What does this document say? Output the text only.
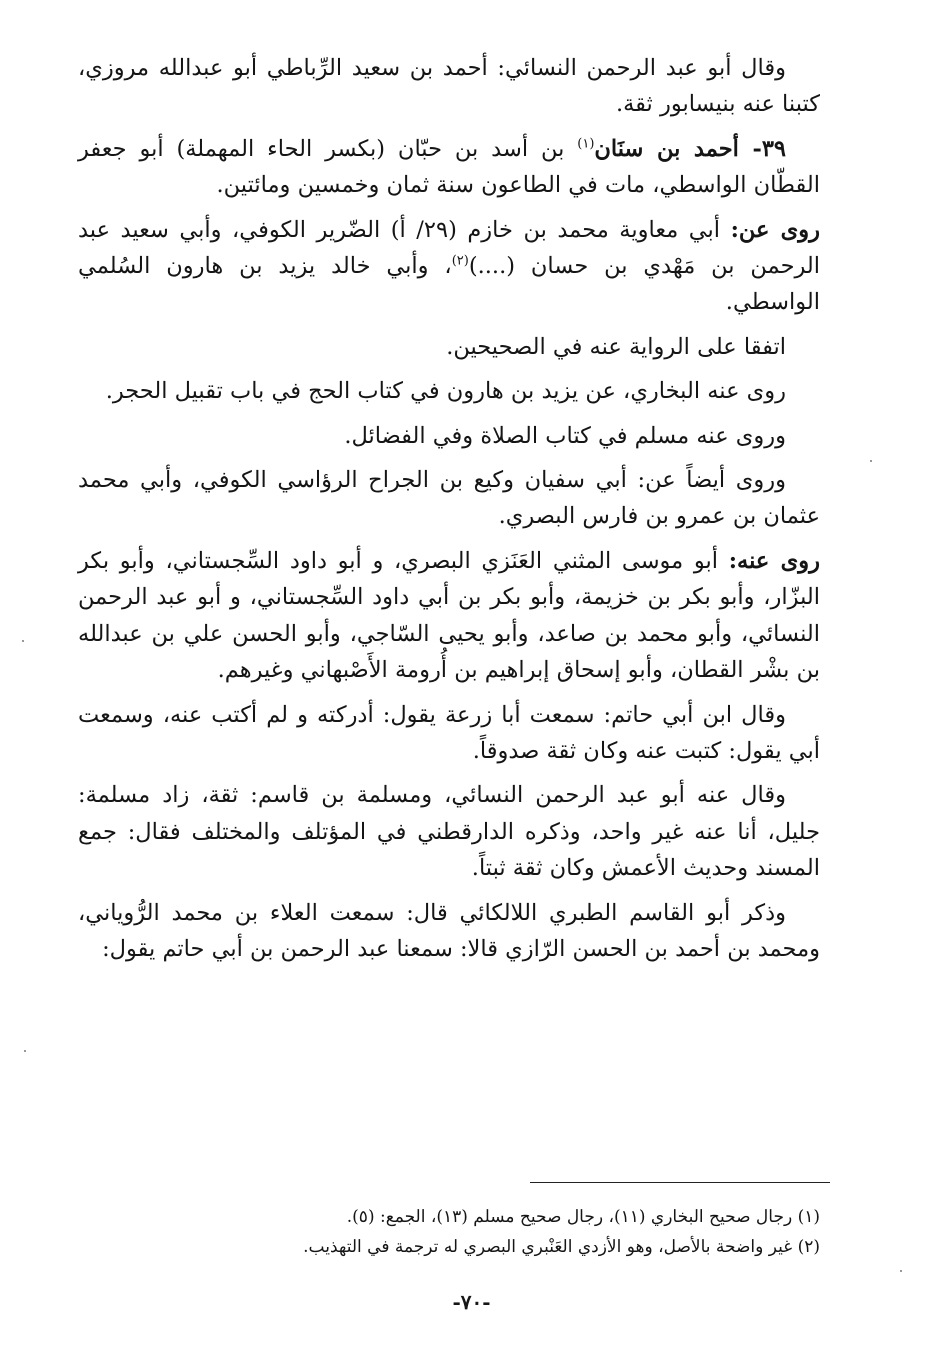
وقال أبو عبد الرحمن النسائي: أحمد بن سعيد الرِّباطي أبو عبدالله مروزي، كتبنا عنه بنيسابور ثقة.

٣٩- أحمد بن سنَان$^{(١)}$ بن أسد بن حبّان (بكسر الحاء المهملة) أبو جعفر القطّان الواسطي، مات في الطاعون سنة ثمان وخمسين ومائتين.

روى عن: أبي معاوية محمد بن خازم (٢٩/ أ) الضّرير الكوفي، وأبي سعيد عبد الرحمن بن مَهْدي بن حسان (....)$^{(٢)}$، وأبي خالد يزيد بن هارون السُلمي الواسطي.

اتفقا على الرواية عنه في الصحيحين.

روى عنه البخاري، عن يزيد بن هارون في كتاب الحج في باب تقبيل الحجر.

وروى عنه مسلم في كتاب الصلاة وفي الفضائل.

وروى أيضاً عن: أبي سفيان وكيع بن الجراح الرؤاسي الكوفي، وأبي محمد عثمان بن عمرو بن فارس البصري.

روى عنه: أبو موسى المثني العَنَزي البصري، و أبو داود السِّجستاني، وأبو بكر البزّار، وأبو بكر بن خزيمة، وأبو بكر بن أبي داود السِّجستاني، و أبو عبد الرحمن النسائي، وأبو محمد بن صاعد، وأبو يحيى السّاجي، وأبو الحسن علي بن عبدالله بن بشْر القطان، وأبو إسحاق إبراهيم بن أُرومة الأَصْبهاني وغيرهم.

وقال ابن أبي حاتم: سمعت أبا زرعة يقول: أدركته و لم أكتب عنه، وسمعت أبي يقول: كتبت عنه وكان ثقة صدوقاً.

وقال عنه أبو عبد الرحمن النسائي، ومسلمة بن قاسم: ثقة، زاد مسلمة: جليل، أنا عنه غير واحد، وذكره الدارقطني في المؤتلف والمختلف فقال: جمع المسند وحديث الأعمش وكان ثقة ثبتاً.

وذكر أبو القاسم الطبري اللالكائي قال: سمعت العلاء بن محمد الرُّوياني، ومحمد بن أحمد بن الحسن الرّازي قالا: سمعنا عبد الرحمن بن أبي حاتم يقول:

(١) رجال صحيح البخاري (١١)، رجال صحيح مسلم (١٣)، الجمع: (٥).

(٢) غير واضحة بالأصل، وهو الأزدي العَنْبري البصري له ترجمة في التهذيب.

-٧٠-
